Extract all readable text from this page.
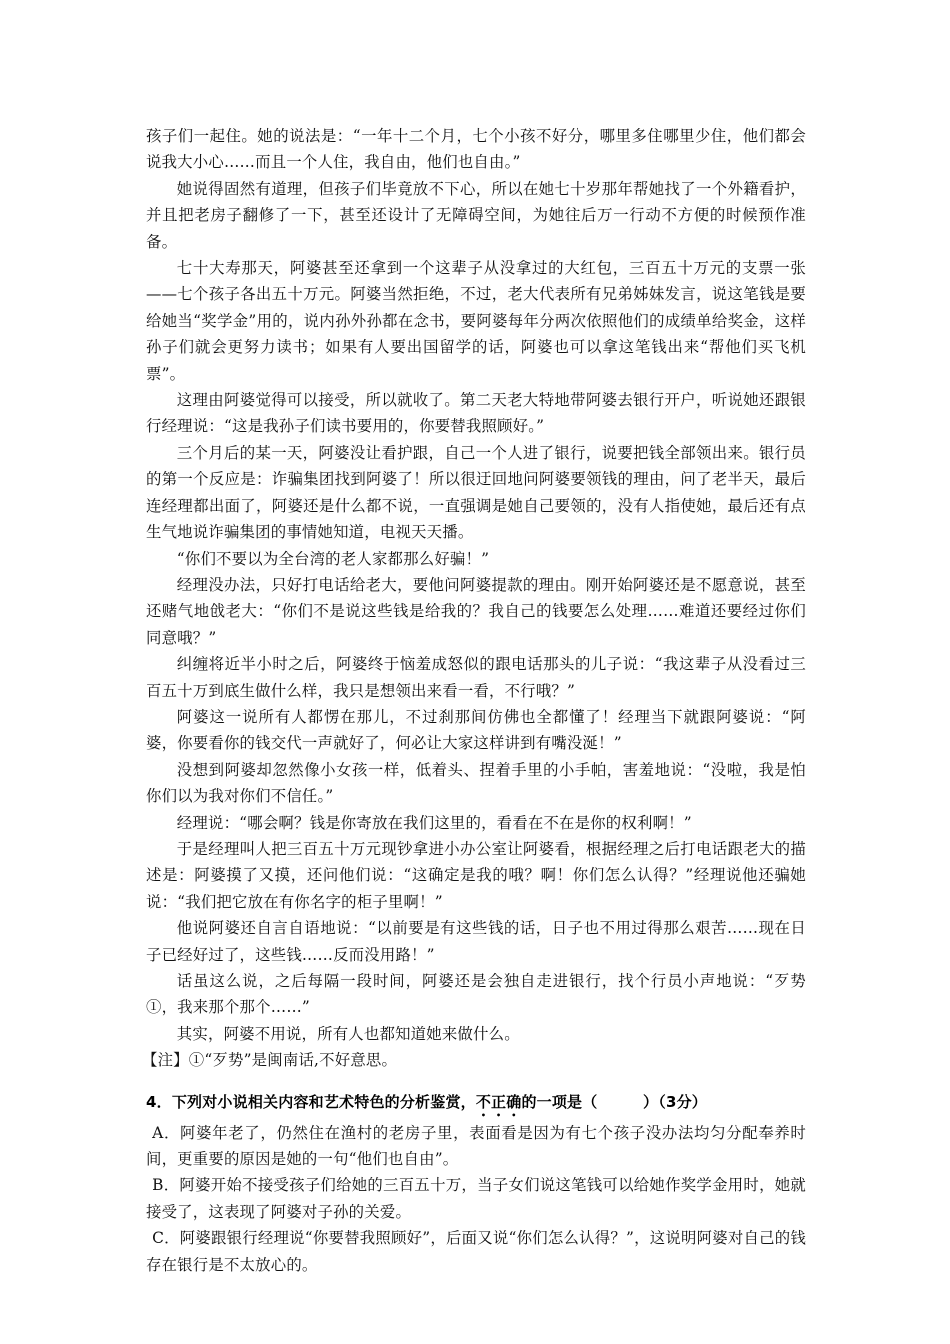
孩子们一起住。她的说法是：“一年十二个月，七个小孩不好分，哪里多住哪里少住，他们都会说我大小心……而且一个人住，我自由，他们也自由。”

她说得固然有道理，但孩子们毕竟放不下心，所以在她七十岁那年帮她找了一个外籍看护，并且把老房子翻修了一下，甚至还设计了无障碍空间，为她往后万一行动不方便的时候预作准备。

七十大寿那天，阿婆甚至还拿到一个这辈子从没拿过的大红包，三百五十万元的支票一张——七个孩子各出五十万元。阿婆当然拒绝，不过，老大代表所有兄弟姊妹发言，说这笔钱是要给她当“奖学金”用的，说内孙外孙都在念书，要阿婆每年分两次依照他们的成绩单给奖金，这样孙子们就会更努力读书；如果有人要出国留学的话，阿婆也可以拿这笔钱出来“帮他们买飞机票”。

这理由阿婆觉得可以接受，所以就收了。第二天老大特地带阿婆去银行开户，听说她还跟银行经理说：“这是我孙子们读书要用的，你要替我照顾好。”

三个月后的某一天，阿婆没让看护跟，自己一个人进了银行，说要把钱全部领出来。银行员的第一个反应是：诈骗集团找到阿婆了！所以很迂回地问阿婆要领钱的理由，问了老半天，最后连经理都出面了，阿婆还是什么都不说，一直强调是她自己要领的，没有人指使她，最后还有点生气地说诈骗集团的事情她知道，电视天天播。

“你们不要以为全台湾的老人家都那么好骗！”

经理没办法，只好打电话给老大，要他问阿婆提款的理由。刚开始阿婆还是不愿意说，甚至还赌气地戗老大：“你们不是说这些钱是给我的？我自己的钱要怎么处理……难道还要经过你们同意哦？”

纠缠将近半小时之后，阿婆终于恼羞成怒似的跟电话那头的儿子说：“我这辈子从没看过三百五十万到底生做什么样，我只是想领出来看一看，不行哦？”

阿婆这一说所有人都愣在那儿，不过刹那间仿佛也全都懂了！经理当下就跟阿婆说：“阿婆，你要看你的钱交代一声就好了，何必让大家这样讲到有嘴没涎！”

没想到阿婆却忽然像小女孩一样，低着头、捏着手里的小手帕，害羞地说：“没啦，我是怕你们以为我对你们不信任。”

经理说：“哪会啊？钱是你寄放在我们这里的，看看在不在是你的权利啊！”

于是经理叫人把三百五十万元现钞拿进小办公室让阿婆看，根据经理之后打电话跟老大的描述是：阿婆摸了又摸，还问他们说：“这确定是我的哦？啊！你们怎么认得？”经理说他还骗她说：“我们把它放在有你名字的柜子里啊！”

他说阿婆还自言自语地说：“以前要是有这些钱的话，日子也不用过得那么艰苦……现在日子已经好过了，这些钱……反而没用路！”

话虽这么说，之后每隔一段时间，阿婆还是会独自走进银行，找个行员小声地说：“歹势①，我来那个那个……”

其实，阿婆不用说，所有人也都知道她来做什么。

【注】①“歹势”是闽南话,不好意思。

4．下列对小说相关内容和艺术特色的分析鉴赏，不正确的一项是（　　　）（3分）

A．阿婆年老了，仍然住在渔村的老房子里，表面看是因为有七个孩子没办法均匀分配奉养时间，更重要的原因是她的一句“他们也自由”。

B．阿婆开始不接受孩子们给她的三百五十万，当子女们说这笔钱可以给她作奖学金用时，她就接受了，这表现了阿婆对子孙的关爱。

C．阿婆跟银行经理说“你要替我照顾好”，后面又说“你们怎么认得？”，这说明阿婆对自己的钱存在银行是不太放心的。
